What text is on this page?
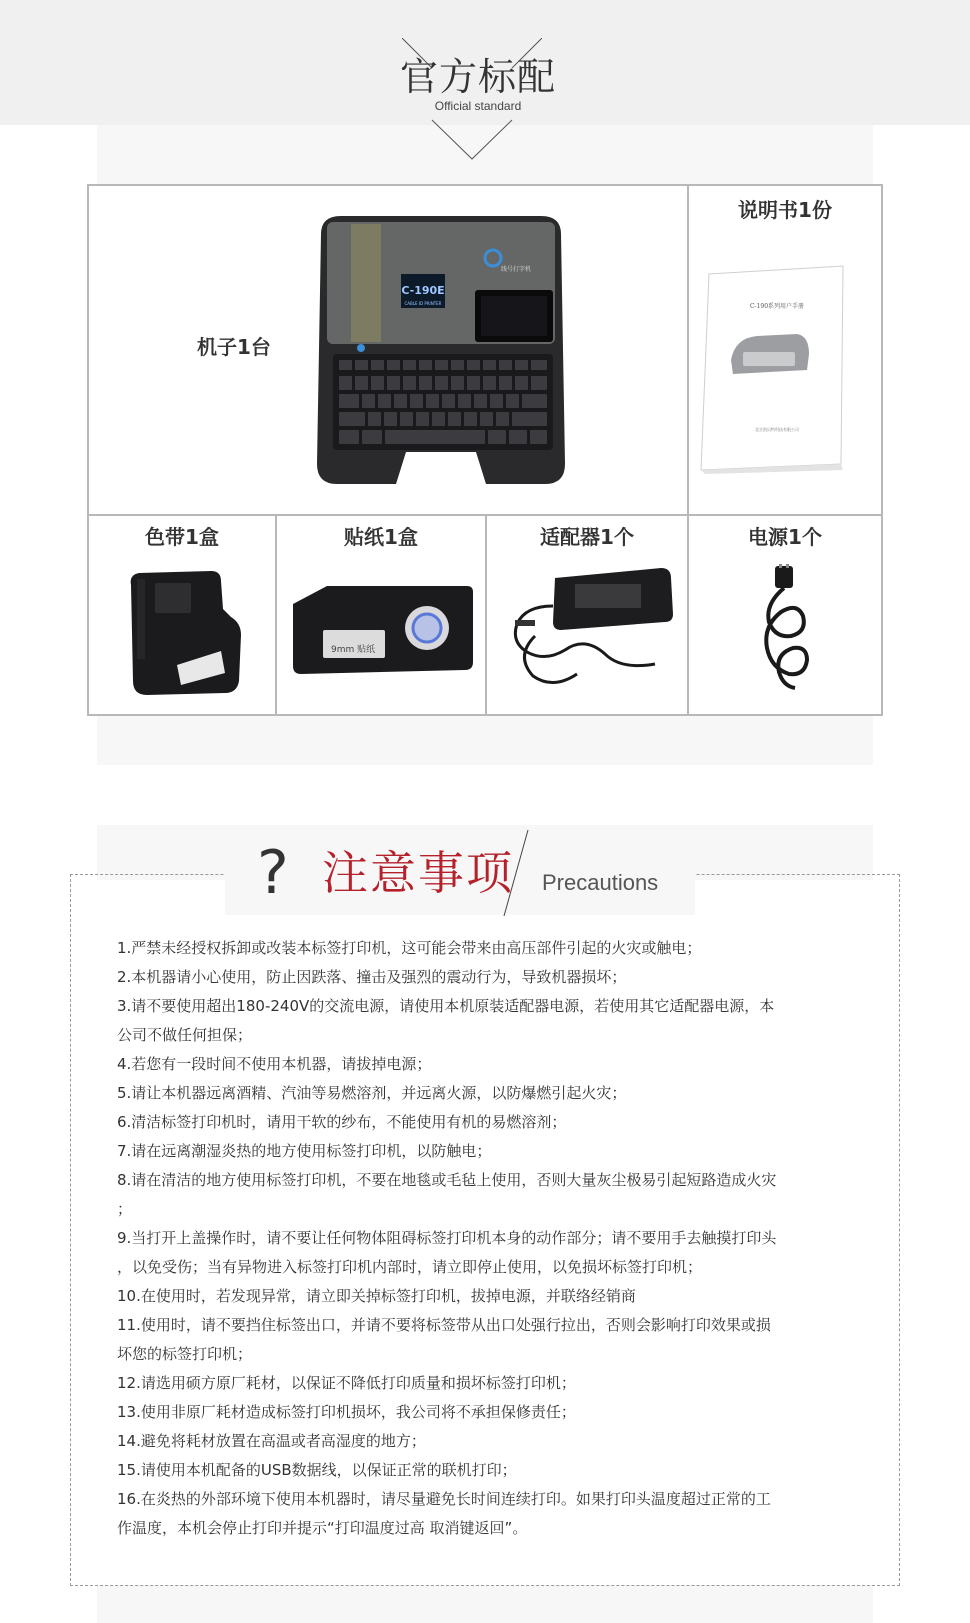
官方标配
Official standard
机子1台
C-190E
CABLE ID PRINTER
线号打字机
说明书1份
C-190系列用户手册
北京凯贝特科技有限公司
色带1盒	贴纸1盒
9mm 贴纸
适配器1个	电源1个
? 注意事项 Precautions
1.严禁未经授权拆卸或改装本标签打印机，这可能会带来由高压部件引起的火灾或触电；
2.本机器请小心使用，防止因跌落、撞击及强烈的震动行为，导致机器损坏；
3.请不要使用超出180-240V的交流电源，请使用本机原装适配器电源，若使用其它适配器电源，本
公司不做任何担保；
4.若您有一段时间不使用本机器，请拔掉电源；
5.请让本机器远离酒精、汽油等易燃溶剂，并远离火源，以防爆燃引起火灾；
6.清洁标签打印机时，请用干软的纱布，不能使用有机的易燃溶剂；
7.请在远离潮湿炎热的地方使用标签打印机，以防触电；
8.请在清洁的地方使用标签打印机，不要在地毯或毛毡上使用，否则大量灰尘极易引起短路造成火灾
；
9.当打开上盖操作时，请不要让任何物体阻碍标签打印机本身的动作部分；请不要用手去触摸打印头
，以免受伤；当有异物进入标签打印机内部时，请立即停止使用，以免损坏标签打印机；
10.在使用时，若发现异常，请立即关掉标签打印机，拔掉电源，并联络经销商
11.使用时，请不要挡住标签出口，并请不要将标签带从出口处强行拉出，否则会影响打印效果或损
坏您的标签打印机；
12.请选用硕方原厂耗材，以保证不降低打印质量和损坏标签打印机；
13.使用非原厂耗材造成标签打印机损坏，我公司将不承担保修责任；
14.避免将耗材放置在高温或者高湿度的地方；
15.请使用本机配备的USB数据线，以保证正常的联机打印；
16.在炎热的外部环境下使用本机器时，请尽量避免长时间连续打印。如果打印头温度超过正常的工
作温度，本机会停止打印并提示“打印温度过高 取消键返回”。
